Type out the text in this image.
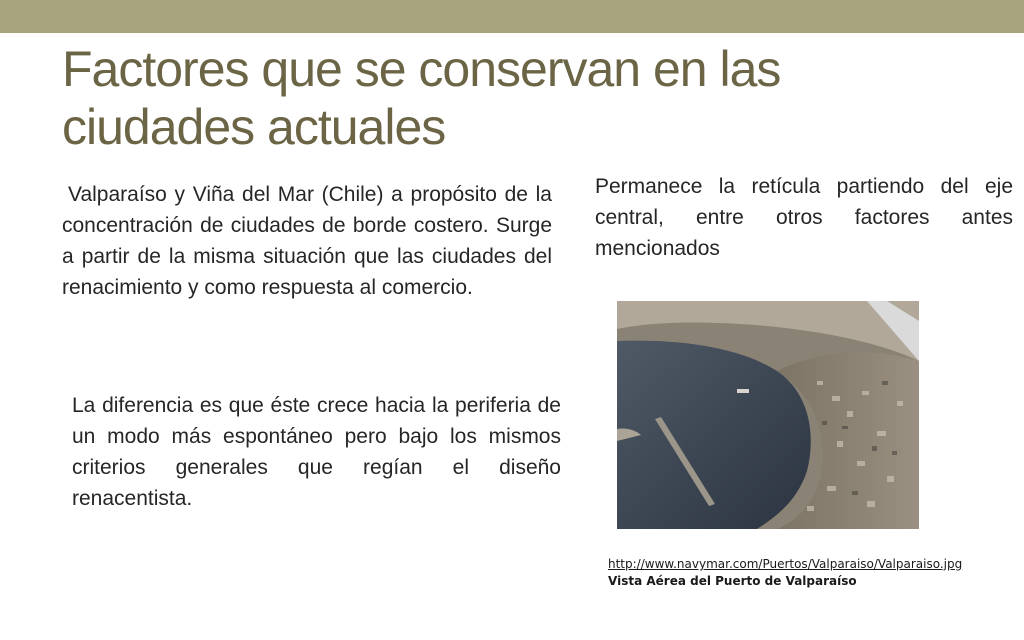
Factores que se conservan en las
ciudades actuales

Valparaíso y Viña del Mar (Chile) a propósito de la concentración de ciudades de borde costero. Surge a partir de la misma situación que las ciudades del renacimiento y como respuesta al comercio.

La diferencia es que éste crece hacia la periferia de un modo más espontáneo pero bajo los mismos criterios generales que regían el diseño renacentista.

Permanece la retícula partiendo del eje central, entre otros factores antes mencionados

http://www.navymar.com/Puertos/Valparaiso/Valparaiso.jpg
Vista Aérea del Puerto de Valparaíso
